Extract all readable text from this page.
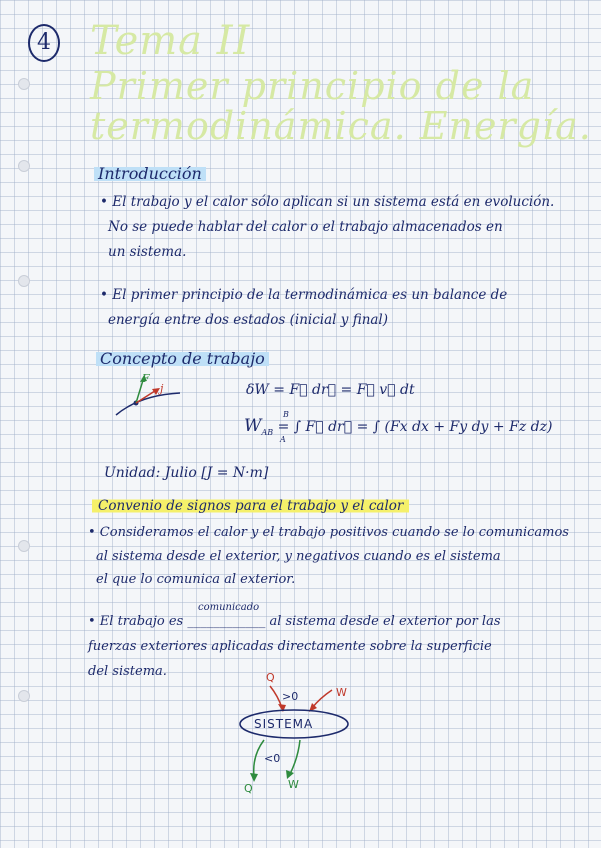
4 Tema II
Primer principio de la
termodinámica. Energía.
Introducción
• El trabajo y el calor sólo aplican si un sistema está en evolución.
No se puede hablar del calor o el trabajo almacenados en
un sistema.
• El primer principio de la termodinámica es un balance de
energía entre dos estados (inicial y final)
Concepto de trabajo
F
j	δW = F⃗ dr⃗ = F⃗ v⃗ dt
$W_{AB}$ = ∫ F⃗ dr⃗ = ∫ (Fx dx + Fy dy + Fz dz)
B
A
Unidad: Julio [J = N·m]
Convenio de signos para el trabajo y el calor
• Consideramos el calor y el trabajo positivos cuando se lo comunicamos
al sistema desde el exterior, y negativos cuando es el sistema
el que lo comunica al exterior.
comunicado
• El trabajo es ____________ al sistema desde el exterior por las
fuerzas exteriores aplicadas directamente sobre la superficie
del sistema.	Q
W
>0
SISTEMA
<0
Q	W
